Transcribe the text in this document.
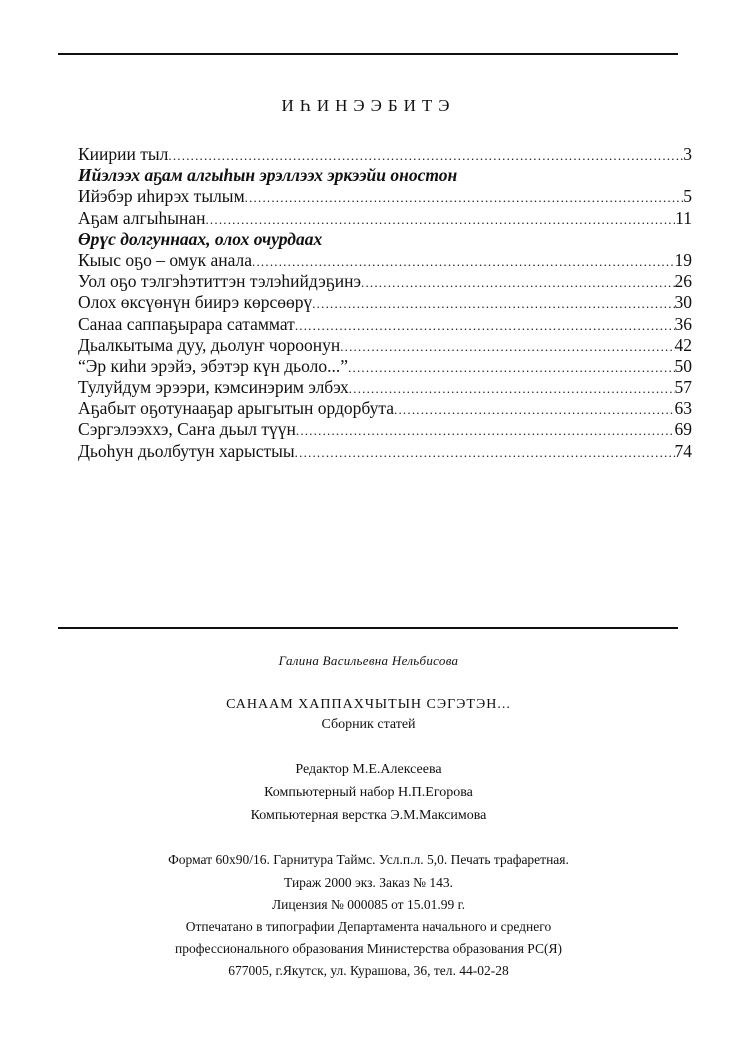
ИҺИНЭЭБИТЭ
Киирии тыл .....	3
Ийэлээх аҕам алгыһын эрэллээх эркээйи оностон
Ийэбэр иһирэх тылым .....	5
Аҕам алгыһынан .....	11
Өрүс долгуннаах, олох очурдаах
Кыыс оҕо – омук анала .....	19
Уол оҕо тэлгэһэтиттэн тэлэһийдэҕинэ .....	26
Олох өксүөнүн биирэ көрсөөрү .....	30
Санаа саппаҕырара сатаммат .....	36
Дьалкытыма дуу, дьолуҥ чороонун .....	42
“Эр киһи эрэйэ, эбэтэр күн дьоло...” .....	50
Тулуйдум эрээри, кэмсинэрим элбэх .....	57
Аҕабыт оҕотунааҕар арыгытын ордорбута .....	63
Сэргэлээххэ, Саҥа дьыл түүн .....	69
Дьоһун дьолбутун харыстыы .....	74
Галина Васильевна Нельбисова
САНААМ ХАППАХЧЫТЫН СЭГЭТЭН...
Сборник статей
Редактор М.Е.Алексеева
Компьютерный набор Н.П.Егорова
Компьютерная верстка Э.М.Максимова
Формат 60х90/16. Гарнитура Таймс. Усл.п.л. 5,0. Печать трафаретная.
Тираж 2000 экз. Заказ № 143.
Лицензия № 000085 от 15.01.99 г.
Отпечатано в типографии Департамента начального и среднего
профессионального образования Министерства образования РС(Я)
677005, г.Якутск, ул. Курашова, 36, тел. 44-02-28
